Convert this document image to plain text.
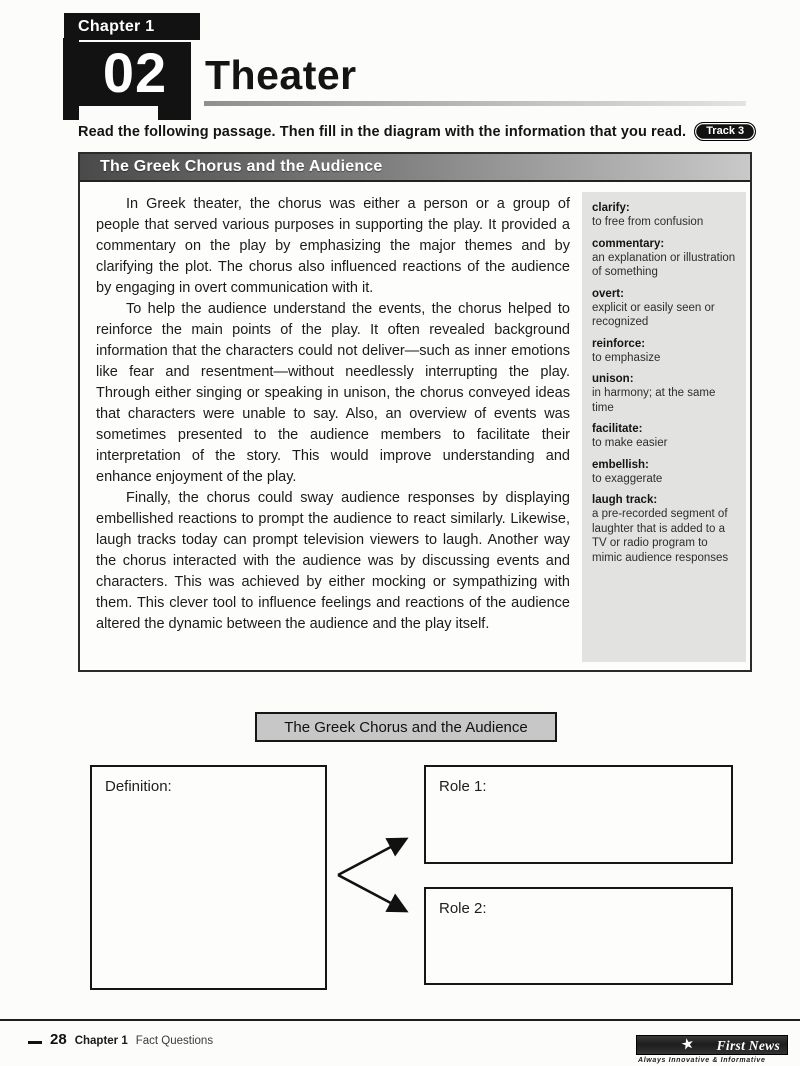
Chapter 1
02 Theater
Read the following passage. Then fill in the diagram with the information that you read.	Track 3
The Greek Chorus and the Audience

In Greek theater, the chorus was either a person or a group of people that served various purposes in supporting the play. It provided a commentary on the play by emphasizing the major themes and by clarifying the plot. The chorus also influenced reactions of the audience by engaging in overt communication with it.

To help the audience understand the events, the chorus helped to reinforce the main points of the play. It often revealed background information that the characters could not deliver—such as inner emotions like fear and resentment—without needlessly interrupting the play. Through either singing or speaking in unison, the chorus conveyed ideas that characters were unable to say. Also, an overview of events was sometimes presented to the audience members to facilitate their interpretation of the story. This would improve understanding and enhance enjoyment of the play.

Finally, the chorus could sway audience responses by displaying embellished reactions to prompt the audience to react similarly. Likewise, laugh tracks today can prompt television viewers to laugh. Another way the chorus interacted with the audience was by discussing events and characters. This was achieved by either mocking or sympathizing with them. This clever tool to influence feelings and reactions of the audience altered the dynamic between the audience and the play itself.

clarify:
to free from confusion
commentary:
an explanation or illustration of something
overt:
explicit or easily seen or recognized
reinforce:
to emphasize
unison:
in harmony; at the same time
facilitate:
to make easier
embellish:
to exaggerate
laugh track:
a pre-recorded segment of laughter that is added to a TV or radio program to mimic audience responses
The Greek Chorus and the Audience
Definition:	Role 1:
Role 2:
28 Chapter 1 Fact Questions	★ First News
Always Innovative & Informative
